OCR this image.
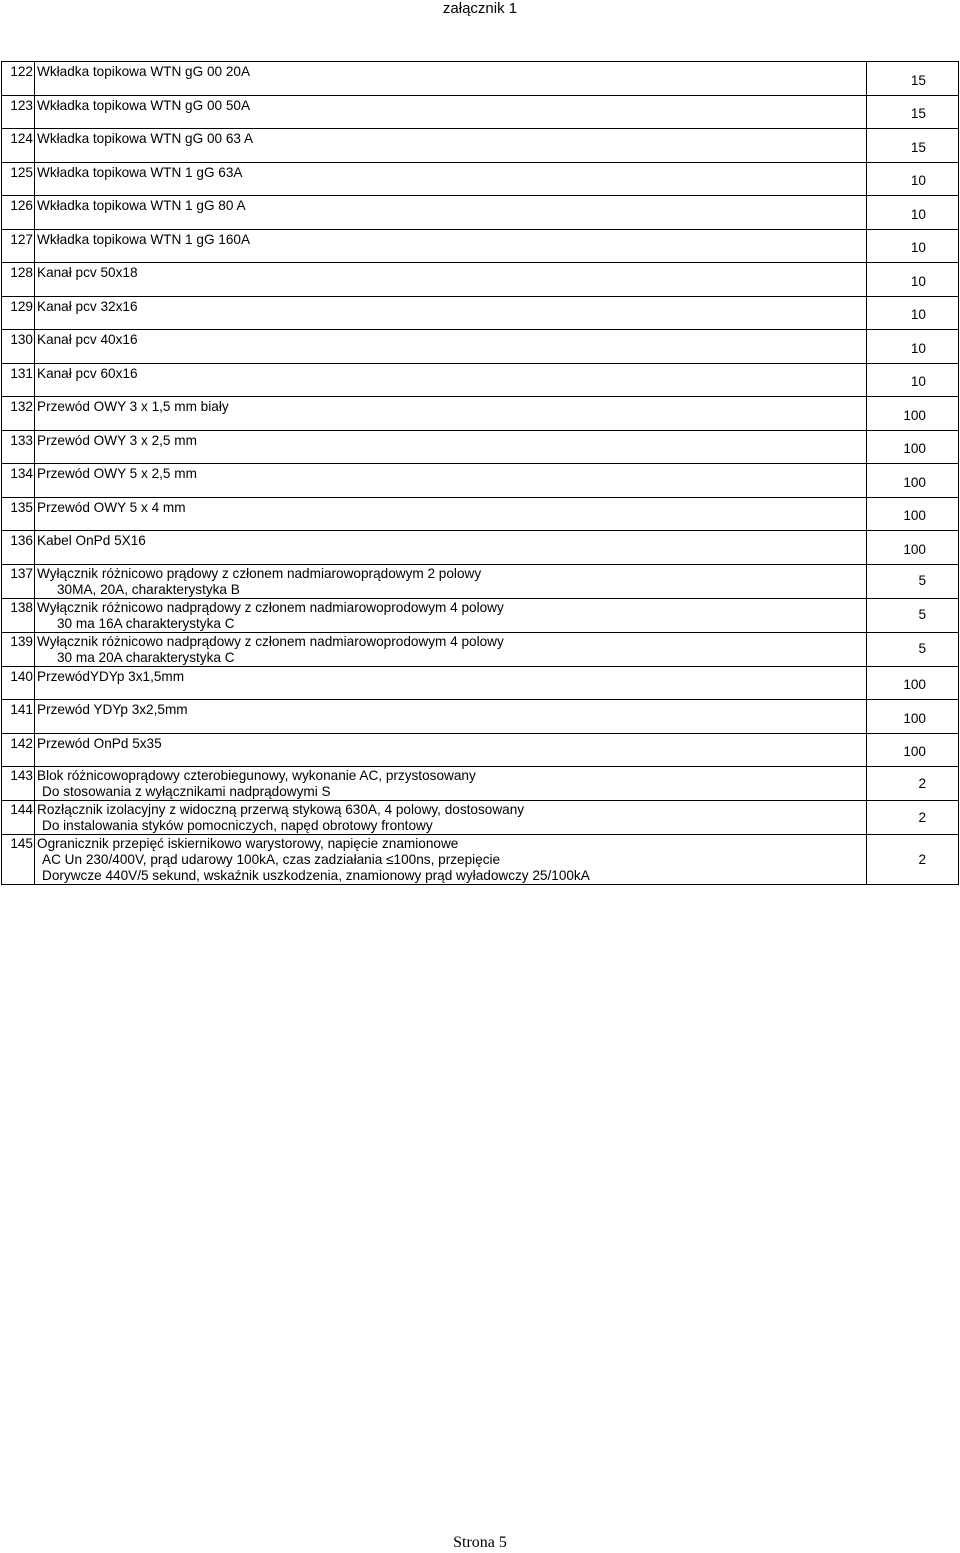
załącznik 1
122	Wkładka topikowa WTN gG 00 20A	15
123	Wkładka topikowa WTN gG 00 50A	15
124	Wkładka topikowa WTN gG 00 63 A	15
125	Wkładka topikowa WTN 1 gG 63A	10
126	Wkładka topikowa WTN 1 gG 80 A	10
127	Wkładka topikowa WTN 1 gG 160A	10
128	Kanał pcv 50x18	10
129	Kanał pcv 32x16	10
130	Kanał pcv 40x16	10
131	Kanał pcv 60x16	10
132	Przewód OWY 3 x 1,5 mm biały	100
133	Przewód OWY 3 x 2,5 mm	100
134	Przewód OWY 5 x 2,5 mm	100
135	Przewód OWY 5 x 4 mm	100
136	Kabel OnPd 5X16	100
137	Wyłącznik różnicowo prądowy z członem nadmiarowoprądowym 2 polowy
30MA, 20A, charakterystyka B	5
138	Wyłącznik różnicowo nadprądowy z członem nadmiarowoprodowym 4 polowy
30 ma 16A charakterystyka C	5
139	Wyłącznik różnicowo nadprądowy z członem nadmiarowoprodowym 4 polowy
30 ma 20A charakterystyka C	5
140	PrzewódYDYp 3x1,5mm	100
141	Przewód YDYp 3x2,5mm	100
142	Przewód OnPd 5x35	100
143	Blok różnicowoprądowy czterobiegunowy, wykonanie AC, przystosowany
Do stosowania z wyłącznikami nadprądowymi S	2
144	Rozłącznik izolacyjny z widoczną przerwą stykową 630A, 4 polowy, dostosowany
Do instalowania styków pomocniczych, napęd obrotowy frontowy	2
145	Ogranicznik przepięć iskiernikowo warystorowy, napięcie znamionowe
AC Un 230/400V, prąd udarowy 100kA, czas zadziałania ≤100ns, przepięcie
Dorywcze 440V/5 sekund, wskaźnik uszkodzenia, znamionowy prąd wyładowczy 25/100kA	2
Strona 5
